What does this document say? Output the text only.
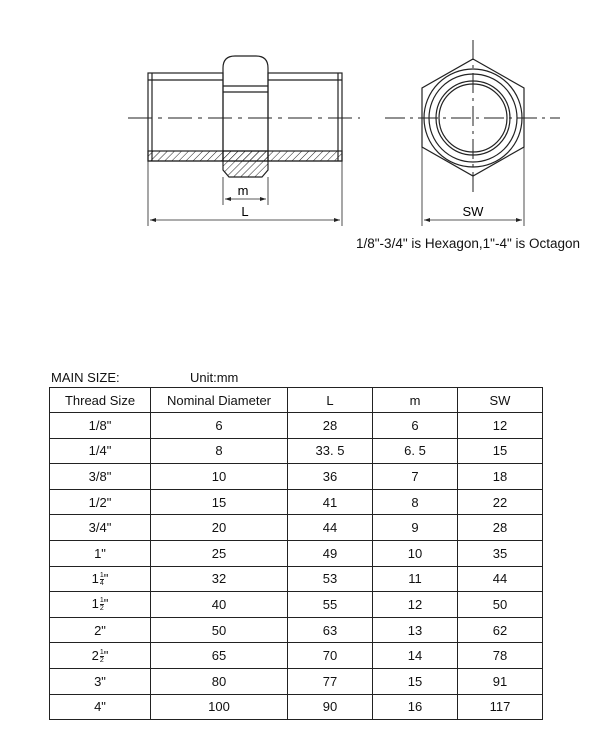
m
L	SW
1/8"-3/4" is Hexagon,1"-4" is Octagon
MAIN SIZE:	Unit:mm
Thread Size	Nominal Diameter	L	m	SW
1/8"	6	28	6	12
1/4"	8	33. 5	6. 5	15
3/8"	10	36	7	18
1/2"	15	41	8	22
3/4"	20	44	9	28
1"	25	49	10	35
$1 \frac{1}{4}$ "	32	53	11	44
$1 \frac{1}{2}$ "	40	55	12	50
2"	50	63	13	62
$2 \frac{1}{2}$ "	65	70	14	78
3"	80	77	15	91
4"	100	90	16	117
